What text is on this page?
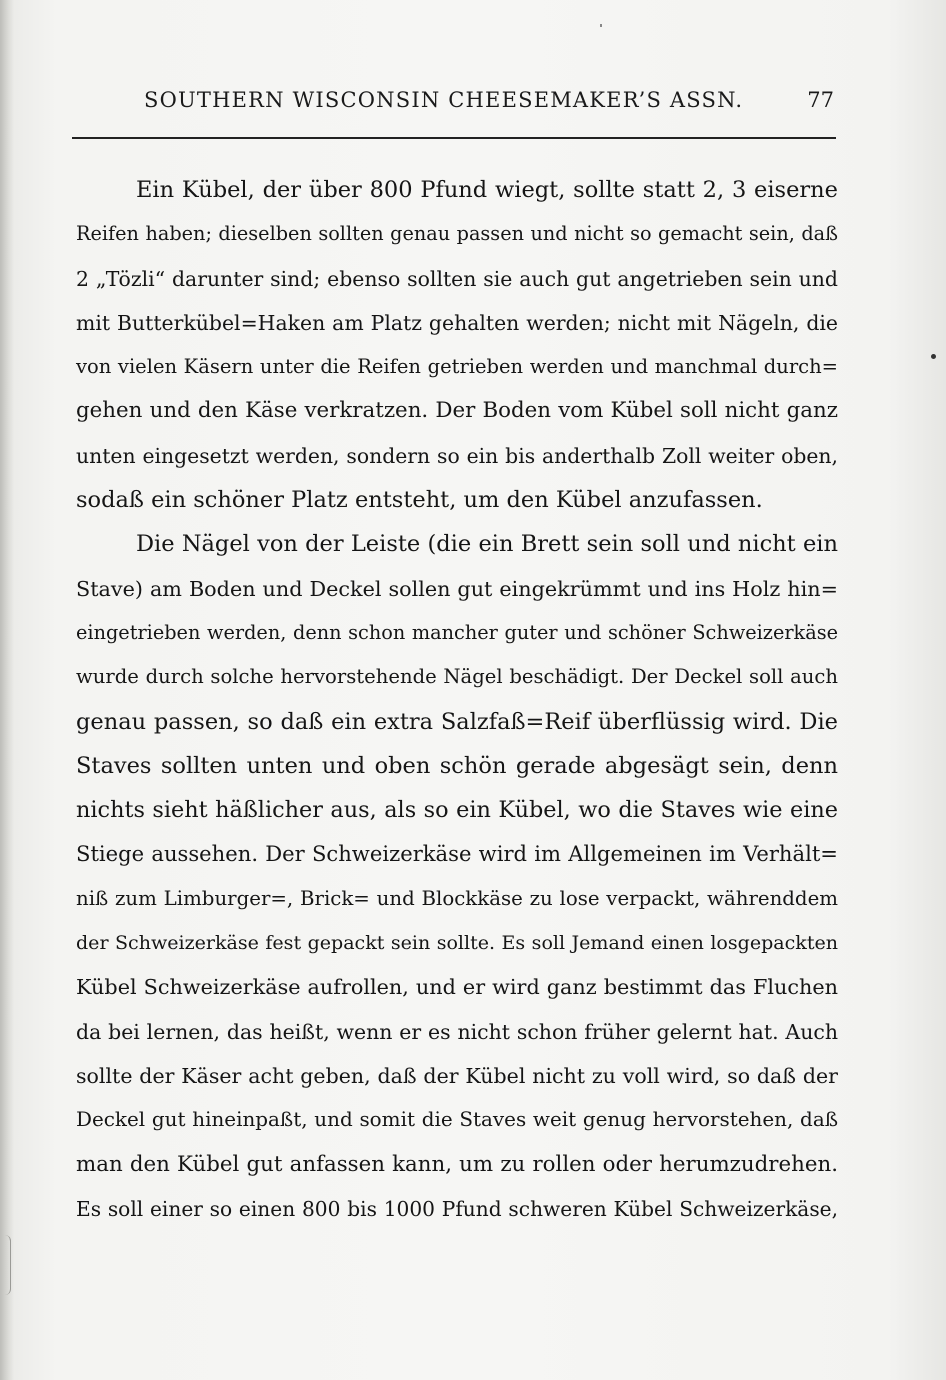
SOUTHERN WISCONSIN CHEESEMAKER’S ASSN.	77
Ein Kübel, der über 800 Pfund wiegt, sollte statt 2, 3 eiserne
Reifen haben; dieselben sollten genau passen und nicht so gemacht sein, daß
2 „Tözli“ darunter sind; ebenso sollten sie auch gut angetrieben sein und
mit Butterkübel=Haken am Platz gehalten werden; nicht mit Nägeln, die
von vielen Käsern unter die Reifen getrieben werden und manchmal durch=
gehen und den Käse verkratzen. Der Boden vom Kübel soll nicht ganz
unten eingesetzt werden, sondern so ein bis anderthalb Zoll weiter oben,
sodaß ein schöner Platz entsteht, um den Kübel anzufassen.
Die Nägel von der Leiste (die ein Brett sein soll und nicht ein
Stave) am Boden und Deckel sollen gut eingekrümmt und ins Holz hin=
eingetrieben werden, denn schon mancher guter und schöner Schweizerkäse
wurde durch solche hervorstehende Nägel beschädigt. Der Deckel soll auch
genau passen, so daß ein extra Salzfaß=Reif überflüssig wird. Die
Staves sollten unten und oben schön gerade abgesägt sein, denn
nichts sieht häßlicher aus, als so ein Kübel, wo die Staves wie eine
Stiege aussehen. Der Schweizerkäse wird im Allgemeinen im Verhält=
niß zum Limburger=, Brick= und Blockkäse zu lose verpackt, währenddem
der Schweizerkäse fest gepackt sein sollte. Es soll Jemand einen losgepackten
Kübel Schweizerkäse aufrollen, und er wird ganz bestimmt das Fluchen
da bei lernen, das heißt, wenn er es nicht schon früher gelernt hat. Auch
sollte der Käser acht geben, daß der Kübel nicht zu voll wird, so daß der
Deckel gut hineinpaßt, und somit die Staves weit genug hervorstehen, daß
man den Kübel gut anfassen kann, um zu rollen oder herumzudrehen.
Es soll einer so einen 800 bis 1000 Pfund schweren Kübel Schweizerkäse,
